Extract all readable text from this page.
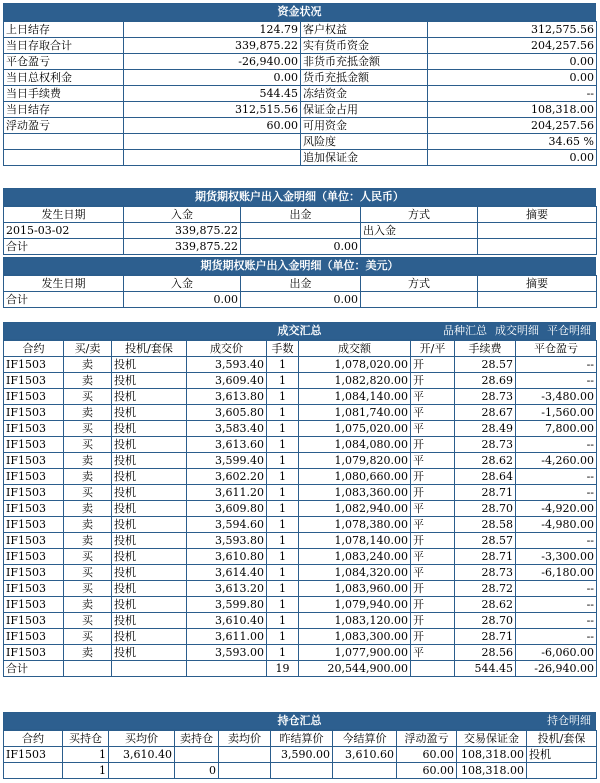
资金状况
上日结存	124.79	客户权益	312,575.56
当日存取合计	339,875.22	实有货币资金	204,257.56
平仓盈亏	-26,940.00	非货币充抵金额	0.00
当日总权利金	0.00	货币充抵金额	0.00
当日手续费	544.45	冻结资金	--
当日结存	312,515.56	保证金占用	108,318.00
浮动盈亏	60.00	可用资金	204,257.56
		风险度	34.65 %
		追加保证金	0.00
期货期权账户出入金明细（单位：人民币）
发生日期	入金	出金	方式	摘要
2015-03-02	339,875.22		出入金	
合计	339,875.22	0.00		
期货期权账户出入金明细（单位：美元）
发生日期	入金	出金	方式	摘要
合计	0.00	0.00		
成交汇总	品种汇总 成交明细 平仓明细
合约	买/卖	投机/套保	成交价	手数	成交额	开/平	手续费	平仓盈亏
IF1503	卖	投机	3,593.40	1	1,078,020.00	开	28.57	--
IF1503	卖	投机	3,609.40	1	1,082,820.00	开	28.69	--
IF1503	买	投机	3,613.80	1	1,084,140.00	平	28.73	-3,480.00
IF1503	卖	投机	3,605.80	1	1,081,740.00	平	28.67	-1,560.00
IF1503	买	投机	3,583.40	1	1,075,020.00	平	28.49	7,800.00
IF1503	买	投机	3,613.60	1	1,084,080.00	开	28.73	--
IF1503	卖	投机	3,599.40	1	1,079,820.00	平	28.62	-4,260.00
IF1503	卖	投机	3,602.20	1	1,080,660.00	开	28.64	--
IF1503	买	投机	3,611.20	1	1,083,360.00	开	28.71	--
IF1503	卖	投机	3,609.80	1	1,082,940.00	平	28.70	-4,920.00
IF1503	卖	投机	3,594.60	1	1,078,380.00	平	28.58	-4,980.00
IF1503	卖	投机	3,593.80	1	1,078,140.00	开	28.57	--
IF1503	买	投机	3,610.80	1	1,083,240.00	平	28.71	-3,300.00
IF1503	买	投机	3,614.40	1	1,084,320.00	平	28.73	-6,180.00
IF1503	买	投机	3,613.20	1	1,083,960.00	开	28.72	--
IF1503	卖	投机	3,599.80	1	1,079,940.00	开	28.62	--
IF1503	买	投机	3,610.40	1	1,083,120.00	开	28.70	--
IF1503	买	投机	3,611.00	1	1,083,300.00	开	28.71	--
IF1503	卖	投机	3,593.00	1	1,077,900.00	平	28.56	-6,060.00
合计				19	20,544,900.00		544.45	-26,940.00
持仓汇总	持仓明细
合约	买持仓	买均价	卖持仓	卖均价	昨结算价	今结算价	浮动盈亏	交易保证金	投机/套保
IF1503	1	3,610.40			3,590.00	3,610.60	60.00	108,318.00	投机
	1		0				60.00	108,318.00	
